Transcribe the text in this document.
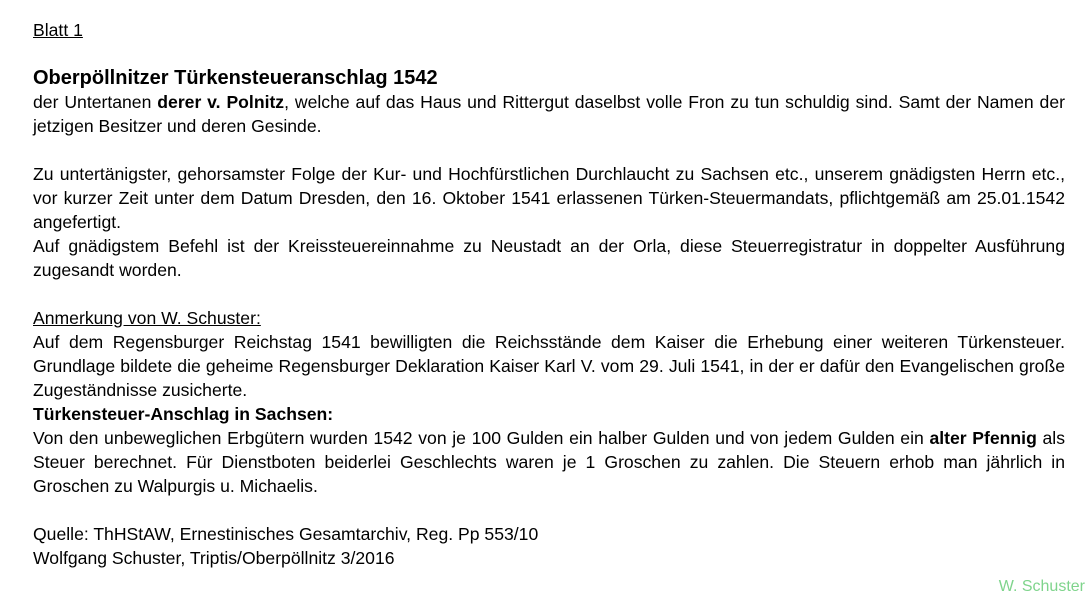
Blatt 1
Oberpöllnitzer Türkensteueranschlag 1542

der Untertanen derer v. Polnitz, welche auf das Haus und Rittergut daselbst volle Fron zu tun schuldig sind. Samt der Namen der jetzigen Besitzer und deren Gesinde.

Zu untertänigster, gehorsamster Folge der Kur- und Hochfürstlichen Durchlaucht zu Sachsen etc., unserem gnädigsten Herrn etc., vor kurzer Zeit unter dem Datum Dresden, den 16. Oktober 1541 erlassenen Türken-Steuermandats, pflichtgemäß am 25.01.1542 angefertigt.

Auf gnädigstem Befehl ist der Kreissteuereinnahme zu Neustadt an der Orla, diese Steuerregistratur in doppelter Ausführung zugesandt worden.

Anmerkung von W. Schuster:

Auf dem Regensburger Reichstag 1541 bewilligten die Reichsstände dem Kaiser die Erhebung einer weiteren Türkensteuer. Grundlage bildete die geheime Regensburger Deklaration Kaiser Karl V. vom 29. Juli 1541, in der er dafür den Evangelischen große Zugeständnisse zusicherte.

Türkensteuer-Anschlag in Sachsen:

Von den unbeweglichen Erbgütern wurden 1542 von je 100 Gulden ein halber Gulden und von jedem Gulden ein alter Pfennig als Steuer berechnet. Für Dienstboten beiderlei Geschlechts waren je 1 Groschen zu zahlen. Die Steuern erhob man jährlich in Groschen zu Walpurgis u. Michaelis.

Quelle: ThHStAW, Ernestinisches Gesamtarchiv, Reg. Pp 553/10
Wolfgang Schuster, Triptis/Oberpöllnitz 3/2016
W. Schuster
